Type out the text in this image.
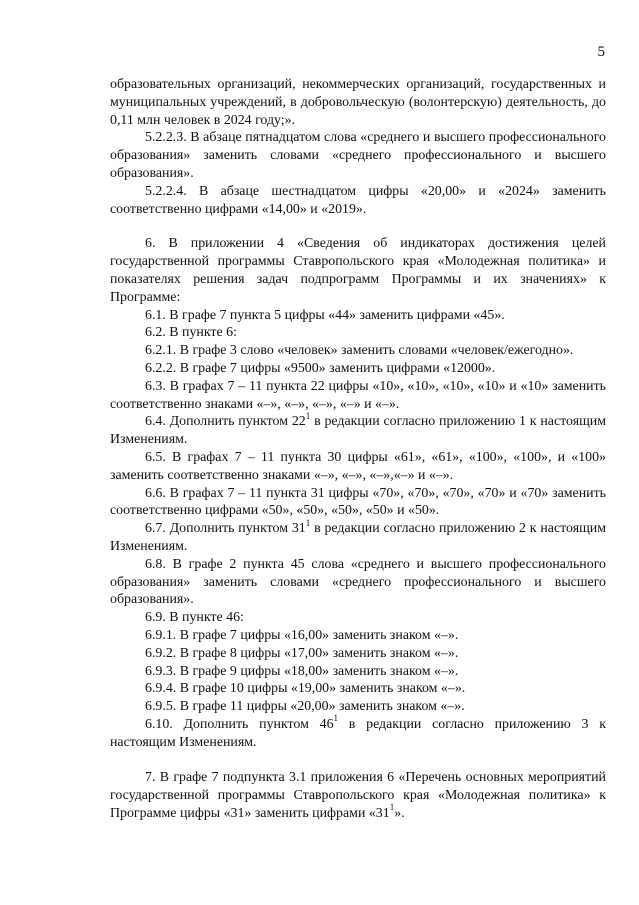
5

образовательных организаций, некоммерческих организаций, государственных и муниципальных учреждений, в добровольческую (волонтерскую) деятельность, до 0,11 млн человек в 2024 году;».

5.2.2.3. В абзаце пятнадцатом слова «среднего и высшего профессионального образования» заменить словами «среднего профессионального и высшего образования».

5.2.2.4. В абзаце шестнадцатом цифры «20,00» и «2024» заменить соответственно цифрами «14,00» и «2019».

6. В приложении 4 «Сведения об индикаторах достижения целей государственной программы Ставропольского края «Молодежная политика» и показателях решения задач подпрограмм Программы и их значениях» к Программе:

6.1. В графе 7 пункта 5 цифры «44» заменить цифрами «45».

6.2. В пункте 6:

6.2.1. В графе 3 слово «человек» заменить словами «человек/ежегодно».

6.2.2. В графе 7 цифры «9500» заменить цифрами «12000».

6.3. В графах 7 – 11 пункта 22 цифры «10», «10», «10», «10» и «10» заменить соответственно знаками «–», «–», «–», «–» и «–».

6.4. Дополнить пунктом $22^1$ в редакции согласно приложению 1 к настоящим Изменениям.

6.5. В графах 7 – 11 пункта 30 цифры «61», «61», «100», «100», и «100» заменить соответственно знаками «–», «–», «–»,«–» и «–».

6.6. В графах 7 – 11 пункта 31 цифры «70», «70», «70», «70» и «70» заменить соответственно цифрами «50», «50», «50», «50» и «50».

6.7. Дополнить пунктом $31^1$ в редакции согласно приложению 2 к настоящим Изменениям.

6.8. В графе 2 пункта 45 слова «среднего и высшего профессионального образования» заменить словами «среднего профессионального и высшего образования».

6.9. В пункте 46:

6.9.1. В графе 7 цифры «16,00» заменить знаком «–».

6.9.2. В графе 8 цифры «17,00» заменить знаком «–».

6.9.3. В графе 9 цифры «18,00» заменить знаком «–».

6.9.4. В графе 10 цифры «19,00» заменить знаком «–».

6.9.5. В графе 11 цифры «20,00» заменить знаком «–».

6.10. Дополнить пунктом $46^1$ в редакции согласно приложению 3 к настоящим Изменениям.

7. В графе 7 подпункта 3.1 приложения 6 «Перечень основных мероприятий государственной программы Ставропольского края «Молодежная политика» к Программе цифры «31» заменить цифрами «$31^1$».
